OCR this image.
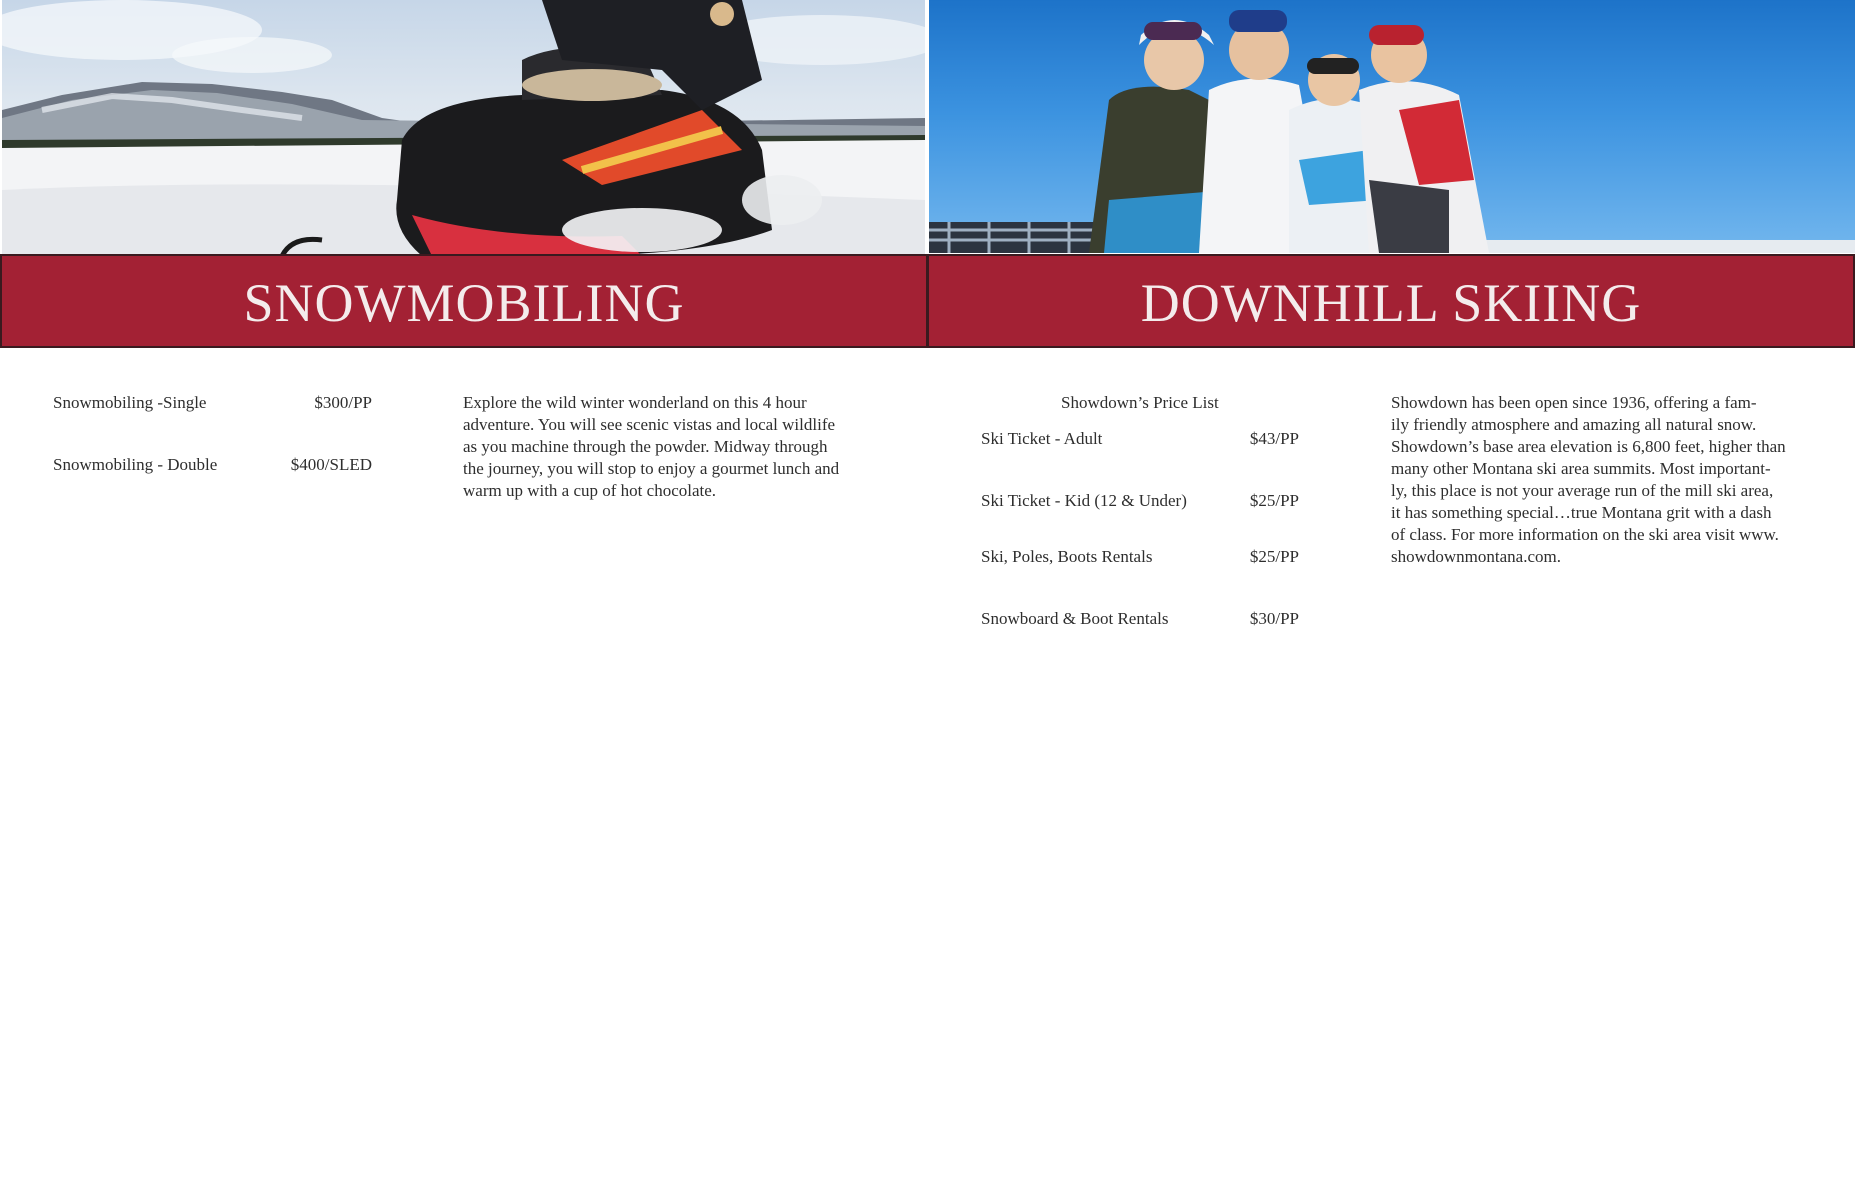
SNOWMOBILING	DOWNHILL SKIING
Snowmobiling -Single	$300/PP
Snowmobiling - Double	$400/SLED
Explore the wild winter wonderland on this 4 hour
adventure. You will see scenic vistas and local wildlife
as you machine through the powder. Midway through
the journey, you will stop to enjoy a gourmet lunch and
warm up with a cup of hot chocolate.
Showdown’s Price List
Ski Ticket - Adult	$43/PP
Ski Ticket - Kid (12 & Under)	$25/PP
Ski, Poles, Boots Rentals	$25/PP
Snowboard & Boot Rentals	$30/PP
Showdown has been open since 1936, offering a fam-
ily friendly atmosphere and amazing all natural snow.
Showdown’s base area elevation is 6,800 feet, higher than
many other Montana ski area summits. Most important-
ly, this place is not your average run of the mill ski area,
it has something special…true Montana grit with a dash
of class. For more information on the ski area visit www.
showdownmontana.com.
